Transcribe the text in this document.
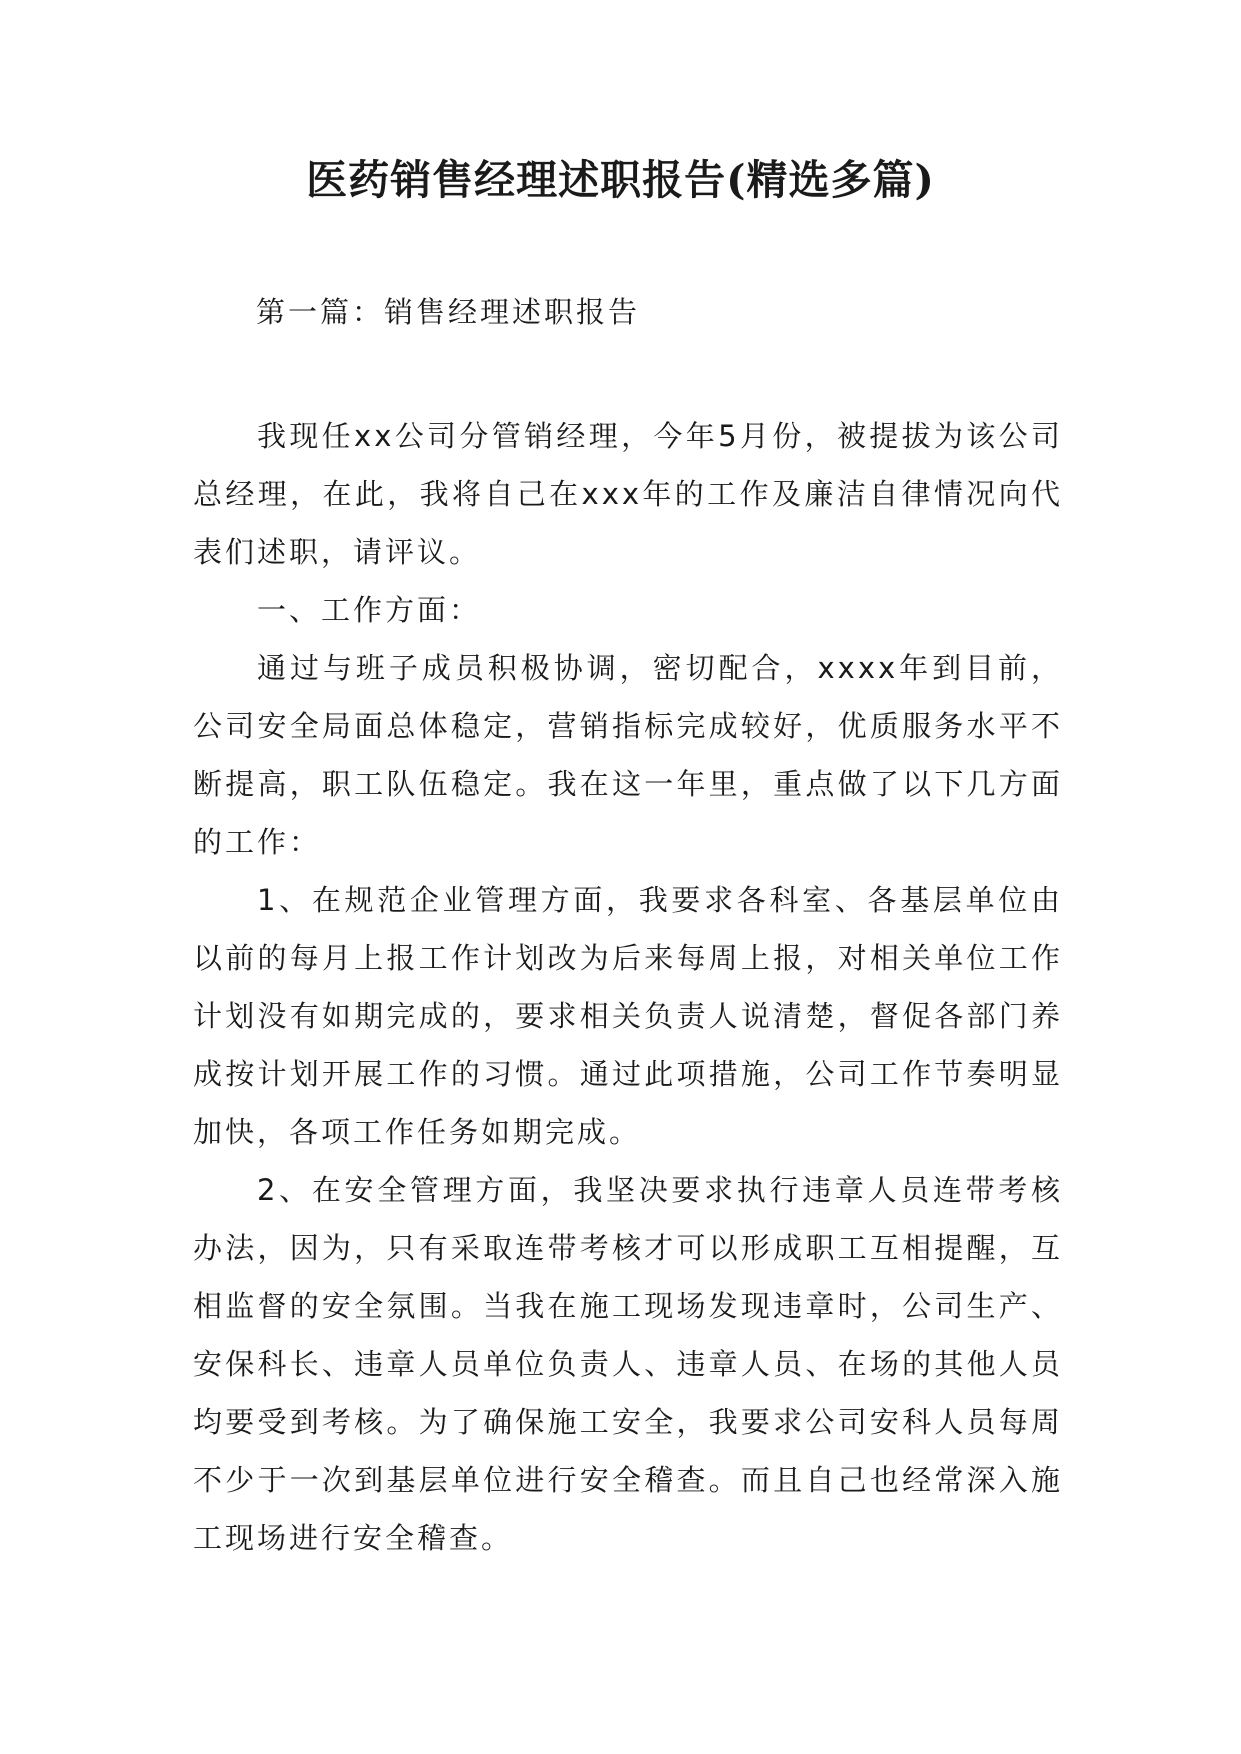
医药销售经理述职报告(精选多篇)

第一篇：销售经理述职报告

我现任xx公司分管销经理，今年5月份，被提拔为该公司总经理，在此，我将自己在xxx年的工作及廉洁自律情况向代表们述职，请评议。

一、工作方面：

通过与班子成员积极协调，密切配合，xxxx年到目前，公司安全局面总体稳定，营销指标完成较好，优质服务水平不断提高，职工队伍稳定。我在这一年里，重点做了以下几方面的工作：

1、在规范企业管理方面，我要求各科室、各基层单位由以前的每月上报工作计划改为后来每周上报，对相关单位工作计划没有如期完成的，要求相关负责人说清楚，督促各部门养成按计划开展工作的习惯。通过此项措施，公司工作节奏明显加快，各项工作任务如期完成。

2、在安全管理方面，我坚决要求执行违章人员连带考核办法，因为，只有采取连带考核才可以形成职工互相提醒，互相监督的安全氛围。当我在施工现场发现违章时，公司生产、安保科长、违章人员单位负责人、违章人员、在场的其他人员均要受到考核。为了确保施工安全，我要求公司安科人员每周不少于一次到基层单位进行安全稽查。而且自己也经常深入施工现场进行安全稽查。
